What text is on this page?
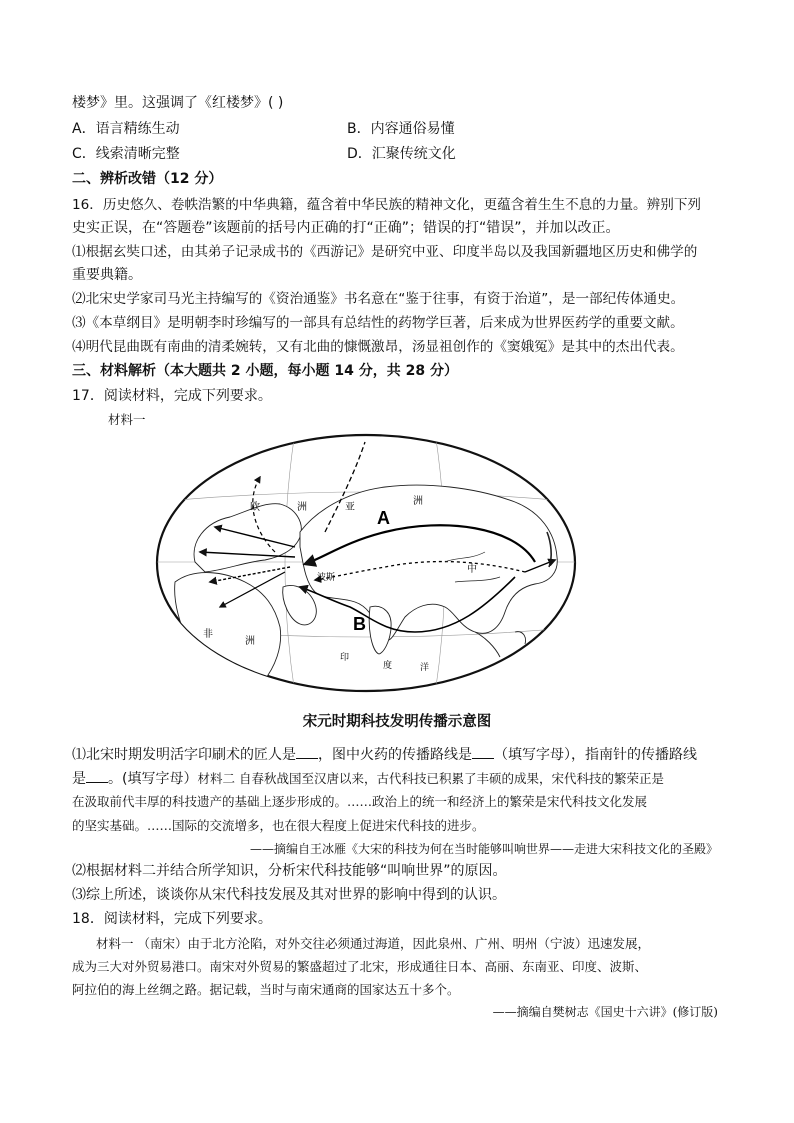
楼梦》里。这强调了《红楼梦》( )
A．语言精练生动	B．内容通俗易懂
C．线索清晰完整	D．汇聚传统文化
二、辨析改错（12 分）
16．历史悠久、卷帙浩繁的中华典籍，蕴含着中华民族的精神文化，更蕴含着生生不息的力量。辨别下列
史实正误，在“答题卷”该题前的括号内正确的打“正确”；错误的打“错误”，并加以改正。
⑴根据玄奘口述，由其弟子记录成书的《西游记》是研究中亚、印度半岛以及我国新疆地区历史和佛学的
重要典籍。
⑵北宋史学家司马光主持编写的《资治通鉴》书名意在“鉴于往事，有资于治道”，是一部纪传体通史。
⑶《本草纲目》是明朝李时珍编写的一部具有总结性的药物学巨著，后来成为世界医药学的重要文献。
⑷明代昆曲既有南曲的清柔婉转，又有北曲的慷慨激昂，汤显祖创作的《窦娥冤》是其中的杰出代表。
三、材料解析（本大题共 2 小题，每小题 14 分，共 28 分）
17．阅读材料，完成下列要求。
材料一
A
B
欧	洲	亚
洲
非
洲
波斯
中
印
度	洋
宋元时期科技发明传播示意图
⑴北宋时期发明活字印刷术的匠人是 ，图中火药的传播路线是 （填写字母），指南针的传播路线
是 。(填写字母）材料二 自春秋战国至汉唐以来，古代科技已积累了丰硕的成果，宋代科技的繁荣正是
在汲取前代丰厚的科技遗产的基础上逐步形成的。……政治上的统一和经济上的繁荣是宋代科技文化发展
的坚实基础。……国际的交流增多，也在很大程度上促进宋代科技的进步。
——摘编自王冰雁《大宋的科技为何在当时能够叫响世界——走进大宋科技文化的圣殿》
⑵根据材料二并结合所学知识，分析宋代科技能够“叫响世界”的原因。
⑶综上所述，谈谈你从宋代科技发展及其对世界的影响中得到的认识。
18．阅读材料，完成下列要求。
材料一 （南宋）由于北方沦陷，对外交往必须通过海道，因此泉州、广州、明州（宁波）迅速发展，
成为三大对外贸易港口。南宋对外贸易的繁盛超过了北宋，形成通往日本、高丽、东南亚、印度、波斯、
阿拉伯的海上丝绸之路。据记载，当时与南宋通商的国家达五十多个。
——摘编自樊树志《国史十六讲》(修订版)
